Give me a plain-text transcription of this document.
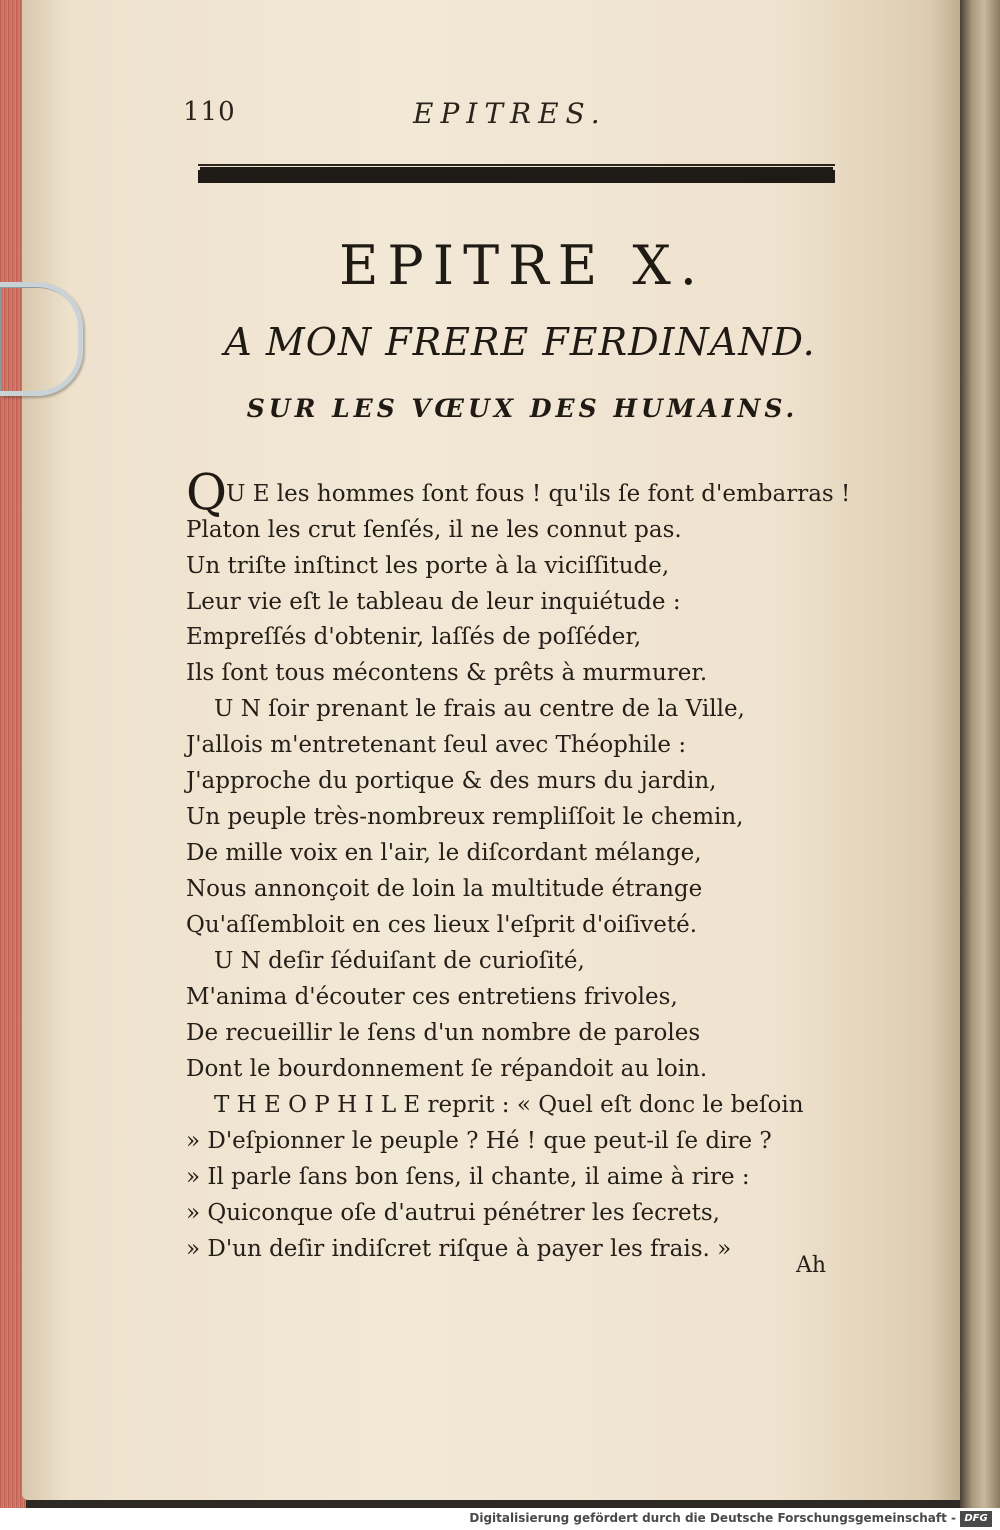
110	EPITRES.
EPITRE X.
A MON FRERE FERDINAND.
SUR LES VŒUX DES HUMAINS.
Q U E les hommes ſont fous ! qu'ils ſe font d'embarras !
Platon les crut ſenſés, il ne les connut pas.
Un triſte inſtinct les porte à la viciſſitude,
Leur vie eſt le tableau de leur inquiétude :
Empreſſés d'obtenir, laſſés de poſſéder,
Ils ſont tous mécontens & prêts à murmurer.
U N ſoir prenant le frais au centre de la Ville,
J'allois m'entretenant ſeul avec Théophile :
J'approche du portique & des murs du jardin,
Un peuple très-nombreux rempliſſoit le chemin,
De mille voix en l'air, le diſcordant mélange,
Nous annonçoit de loin la multitude étrange
Qu'aſſembloit en ces lieux l'eſprit d'oiſiveté.
U N deſir ſéduiſant de curioſité,
M'anima d'écouter ces entretiens frivoles,
De recueillir le ſens d'un nombre de paroles
Dont le bourdonnement ſe répandoit au loin.
T H E O P H I L E reprit : « Quel eſt donc le beſoin
» D'eſpionner le peuple ? Hé ! que peut-il ſe dire ?
» Il parle ſans bon ſens, il chante, il aime à rire :
» Quiconque oſe d'autrui pénétrer les ſecrets,
» D'un deſir indiſcret riſque à payer les frais. »
Ah
Digitalisierung gefördert durch die Deutsche Forschungsgemeinschaft - DFG
